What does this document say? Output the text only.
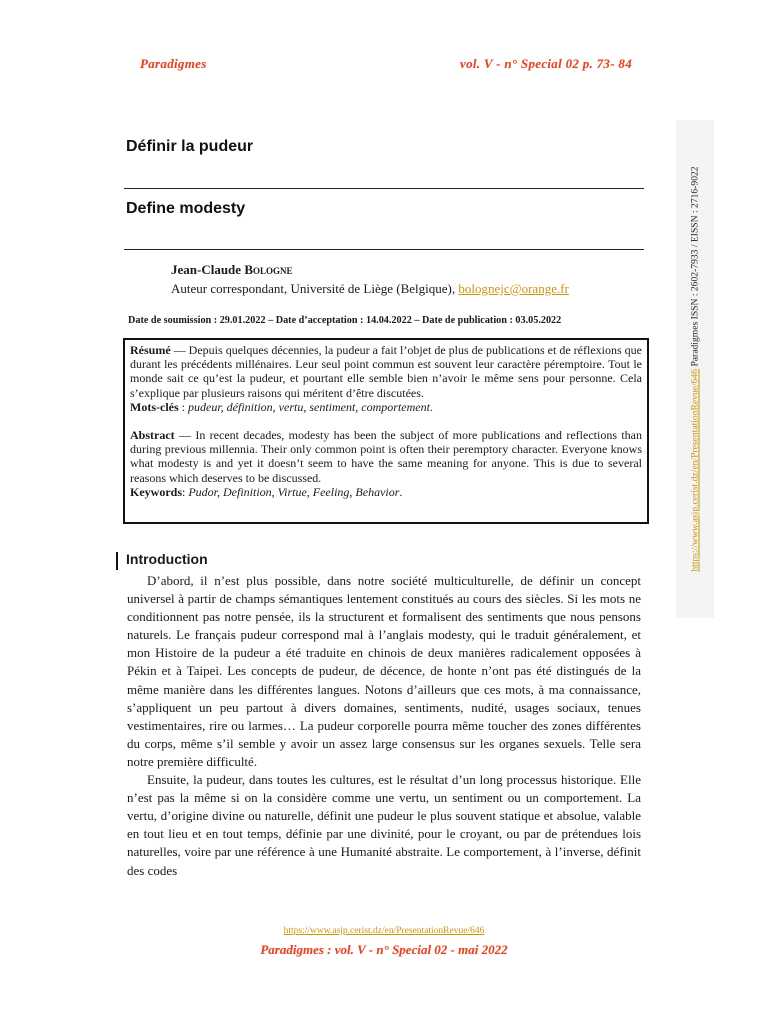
Paradigmes	vol. V - n° Special 02 p. 73- 84
Définir la pudeur
Define modesty
Jean-Claude Bologne
Auteur correspondant, Université de Liège (Belgique), bolognejc@orange.fr
Date de soumission : 29.01.2022 – Date d’acceptation : 14.04.2022 – Date de publication : 03.05.2022

Résumé — Depuis quelques décennies, la pudeur a fait l’objet de plus de publications et de réflexions que durant les précédents millénaires. Leur seul point commun est souvent leur caractère péremptoire. Tout le monde sait ce qu’est la pudeur, et pourtant elle semble bien n’avoir le même sens pour personne. Cela s’explique par plusieurs raisons qui méritent d’être discutées.

Mots-clés : pudeur, définition, vertu, sentiment, comportement.

Abstract — In recent decades, modesty has been the subject of more publications and reflections than during previous millennia. Their only common point is often their peremptory character. Everyone knows what modesty is and yet it doesn’t seem to have the same meaning for anyone. This is due to several reasons which deserves to be discussed.

Keywords: Pudor, Definition, Virtue, Feeling, Behavior.	https://www.asjp.cerist.dz/en/PresentationRevue/646 Paradigmes ISSN : 2602-7933 / EISSN : 2716-9022
Introduction

D’abord, il n’est plus possible, dans notre société multiculturelle, de définir un concept universel à partir de champs sémantiques lentement constitués au cours des siècles. Si les mots ne conditionnent pas notre pensée, ils la structurent et formalisent des sentiments que nous pensons naturels. Le français pudeur correspond mal à l’anglais modesty, qui le traduit généralement, et mon Histoire de la pudeur a été traduite en chinois de deux manières radicalement opposées à Pékin et à Taipei. Les concepts de pudeur, de décence, de honte n’ont pas été distingués de la même manière dans les différentes langues. Notons d’ailleurs que ces mots, à ma connaissance, s’appliquent un peu partout à divers domaines, sentiments, nudité, usages sociaux, tenues vestimentaires, rire ou larmes… La pudeur corporelle pourra même toucher des zones différentes du corps, même s’il semble y avoir un assez large consensus sur les organes sexuels. Telle sera notre première difficulté.

Ensuite, la pudeur, dans toutes les cultures, est le résultat d’un long processus historique. Elle n’est pas la même si on la considère comme une vertu, un sentiment ou un comportement. La vertu, d’origine divine ou naturelle, définit une pudeur le plus souvent statique et absolue, valable en tout lieu et en tout temps, définie par une divinité, pour le croyant, ou par de prétendues lois naturelles, voire par une référence à une Humanité abstraite. Le comportement, à l’inverse, définit des codes

https://www.asjp.cerist.dz/en/PresentationRevue/646
Paradigmes : vol. V - n° Special 02 - mai 2022
